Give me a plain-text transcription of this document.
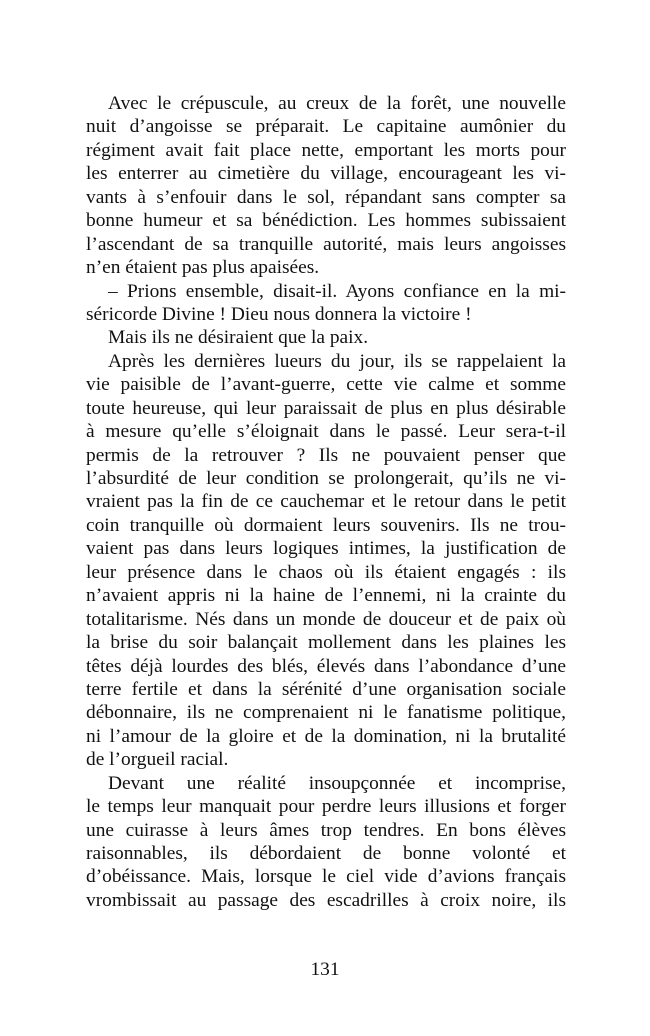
Avec le crépuscule, au creux de la forêt, une nouvelle
nuit d’angoisse se préparait. Le capitaine aumônier du
régiment avait fait place nette, emportant les morts pour
les enterrer au cimetière du village, encourageant les vi-
vants à s’enfouir dans le sol, répandant sans compter sa
bonne humeur et sa bénédiction. Les hommes subissaient
l’ascendant de sa tranquille autorité, mais leurs angoisses
n’en étaient pas plus apaisées.
– Prions ensemble, disait-il. Ayons confiance en la mi-
séricorde Divine ! Dieu nous donnera la victoire !
Mais ils ne désiraient que la paix.
Après les dernières lueurs du jour, ils se rappelaient la
vie paisible de l’avant-guerre, cette vie calme et somme
toute heureuse, qui leur paraissait de plus en plus désirable
à mesure qu’elle s’éloignait dans le passé. Leur sera-t-il
permis de la retrouver ? Ils ne pouvaient penser que
l’absurdité de leur condition se prolongerait, qu’ils ne vi-
vraient pas la fin de ce cauchemar et le retour dans le petit
coin tranquille où dormaient leurs souvenirs. Ils ne trou-
vaient pas dans leurs logiques intimes, la justification de
leur présence dans le chaos où ils étaient engagés : ils
n’avaient appris ni la haine de l’ennemi, ni la crainte du
totalitarisme. Nés dans un monde de douceur et de paix où
la brise du soir balançait mollement dans les plaines les
têtes déjà lourdes des blés, élevés dans l’abondance d’une
terre fertile et dans la sérénité d’une organisation sociale
débonnaire, ils ne comprenaient ni le fanatisme politique,
ni l’amour de la gloire et de la domination, ni la brutalité
de l’orgueil racial.
Devant une réalité insoupçonnée et incomprise,
le temps leur manquait pour perdre leurs illusions et forger
une cuirasse à leurs âmes trop tendres. En bons élèves
raisonnables, ils débordaient de bonne volonté et
d’obéissance. Mais, lorsque le ciel vide d’avions français
vrombissait au passage des escadrilles à croix noire, ils
131
